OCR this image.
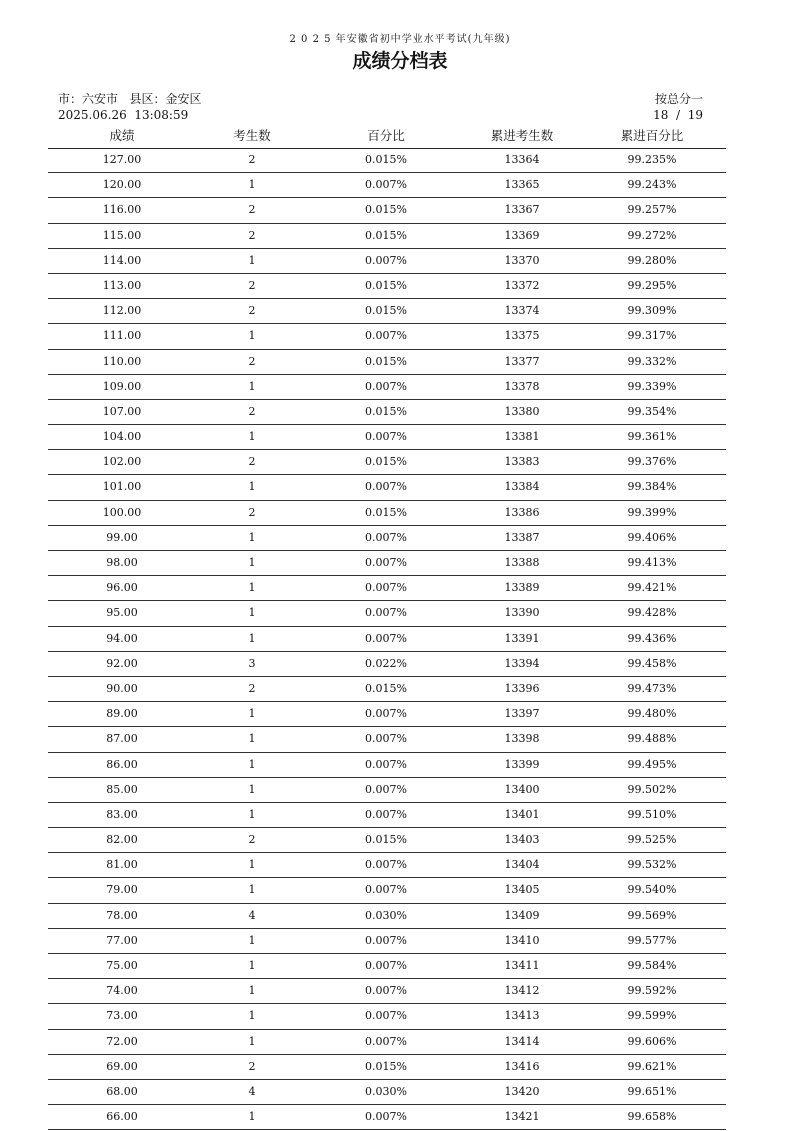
2 0 2 5 年安徽省初中学业水平考试(九年级)
成绩分档表
市：六安市   县区：金安区
2025.06.26  13:08:59
按总分一
18  /  19
成绩	考生数	百分比	累进考生数	累进百分比
127.00	2	0.015%	13364	99.235%
120.00	1	0.007%	13365	99.243%
116.00	2	0.015%	13367	99.257%
115.00	2	0.015%	13369	99.272%
114.00	1	0.007%	13370	99.280%
113.00	2	0.015%	13372	99.295%
112.00	2	0.015%	13374	99.309%
111.00	1	0.007%	13375	99.317%
110.00	2	0.015%	13377	99.332%
109.00	1	0.007%	13378	99.339%
107.00	2	0.015%	13380	99.354%
104.00	1	0.007%	13381	99.361%
102.00	2	0.015%	13383	99.376%
101.00	1	0.007%	13384	99.384%
100.00	2	0.015%	13386	99.399%
99.00	1	0.007%	13387	99.406%
98.00	1	0.007%	13388	99.413%
96.00	1	0.007%	13389	99.421%
95.00	1	0.007%	13390	99.428%
94.00	1	0.007%	13391	99.436%
92.00	3	0.022%	13394	99.458%
90.00	2	0.015%	13396	99.473%
89.00	1	0.007%	13397	99.480%
87.00	1	0.007%	13398	99.488%
86.00	1	0.007%	13399	99.495%
85.00	1	0.007%	13400	99.502%
83.00	1	0.007%	13401	99.510%
82.00	2	0.015%	13403	99.525%
81.00	1	0.007%	13404	99.532%
79.00	1	0.007%	13405	99.540%
78.00	4	0.030%	13409	99.569%
77.00	1	0.007%	13410	99.577%
75.00	1	0.007%	13411	99.584%
74.00	1	0.007%	13412	99.592%
73.00	1	0.007%	13413	99.599%
72.00	1	0.007%	13414	99.606%
69.00	2	0.015%	13416	99.621%
68.00	4	0.030%	13420	99.651%
66.00	1	0.007%	13421	99.658%
